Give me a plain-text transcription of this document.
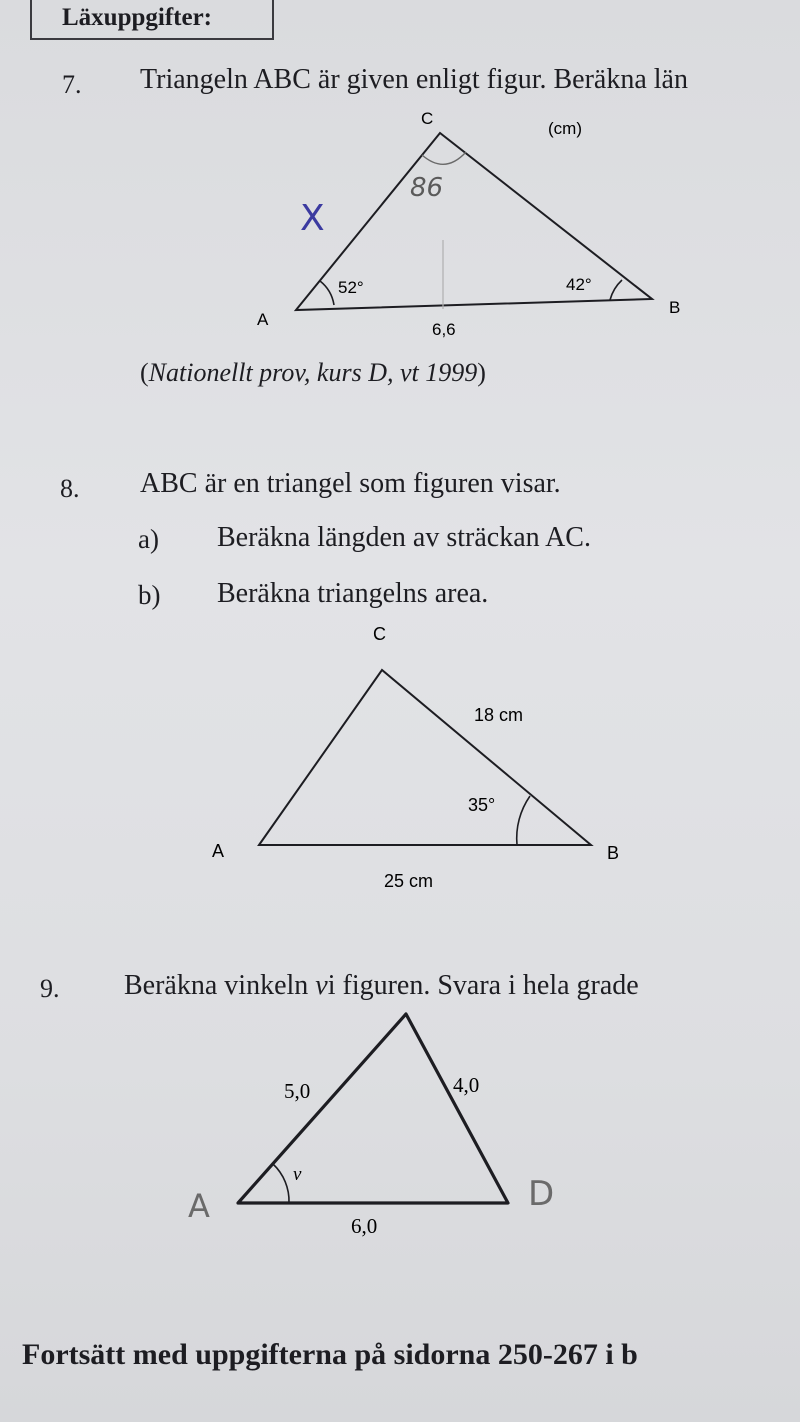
Läxuppgifter:
7. Triangeln ABC är given enligt figur. Beräkna län
C
A
B
(cm)
52°	42°
6,6
86
X
(Nationellt prov, kurs D, vt 1999)
8. ABC är en triangel som figuren visar.
a) Beräkna längden av sträckan AC.
b) Beräkna triangelns area.
C
A	B
18 cm
35°
25 cm
9. Beräkna vinkeln vi figuren. Svara i hela grade
5,0	4,0
6,0
v
A	D
Fortsätt med uppgifterna på sidorna 250-267 i b
